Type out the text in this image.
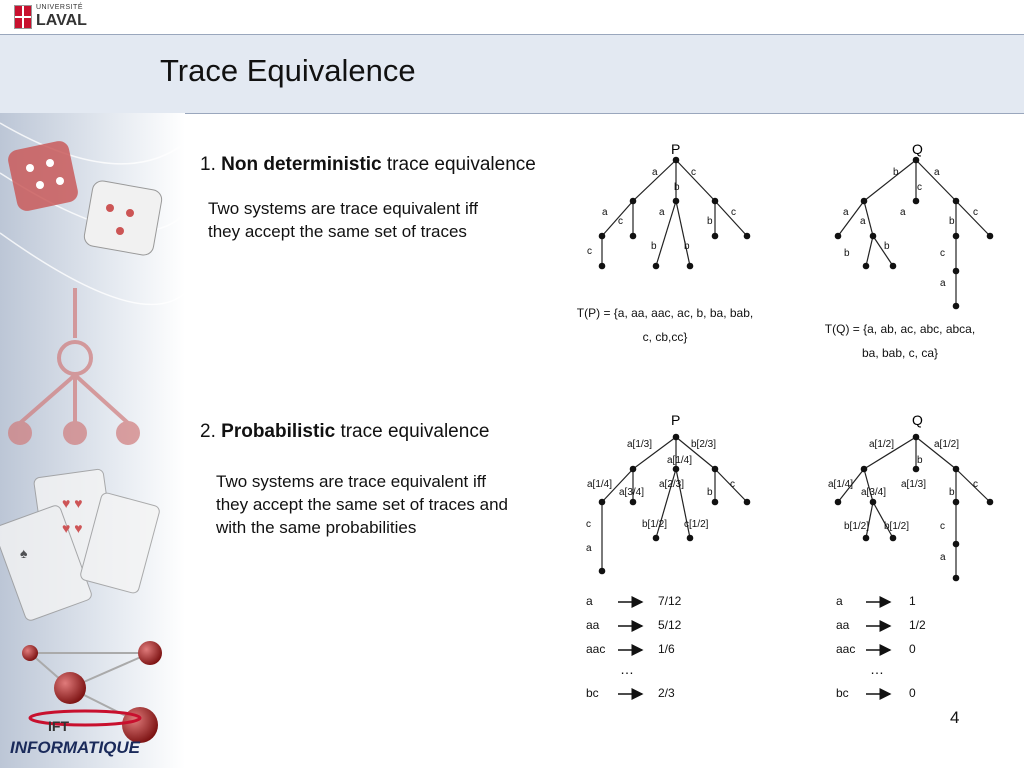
UNIVERSITÉ
LAVAL
Trace Equivalence
♥ ♥
♥ ♥
♠
IFT
INFORMATIQUE
1. Non deterministic trace equivalence
Two systems are trace equivalent iff
they accept the same set of traces
P
a	c
b
a
c
a
b
c
b	b
c
T(P) = {a, aa, aac, ac, b, ba, bab,
c, cb,cc}
Q
b	a
c
a
a
a
b
c
b
b	c
a
T(Q) = {a, ab, ac, abc, abca,
ba, bab, c, ca}
2. Probabilistic trace equivalence
Two systems are trace equivalent iff
they accept the same set of traces and
with the same probabilities
P
a[1/3]	b[2/3]
a[1/4]
a[1/4]
a[3/4]
a[2/3]
b
c
c	b[1/2] c[1/2]
a
Q
a[1/2]	a[1/2]
b
a[1/4]
a[3/4]
a[1/3]
b
c
b[1/2] b[1/2]	c
a
a	7/12
aa	5/12
aac	1/6
…
bc	2/3
a	1
aa	1/2
aac	0
…
bc	0
4
